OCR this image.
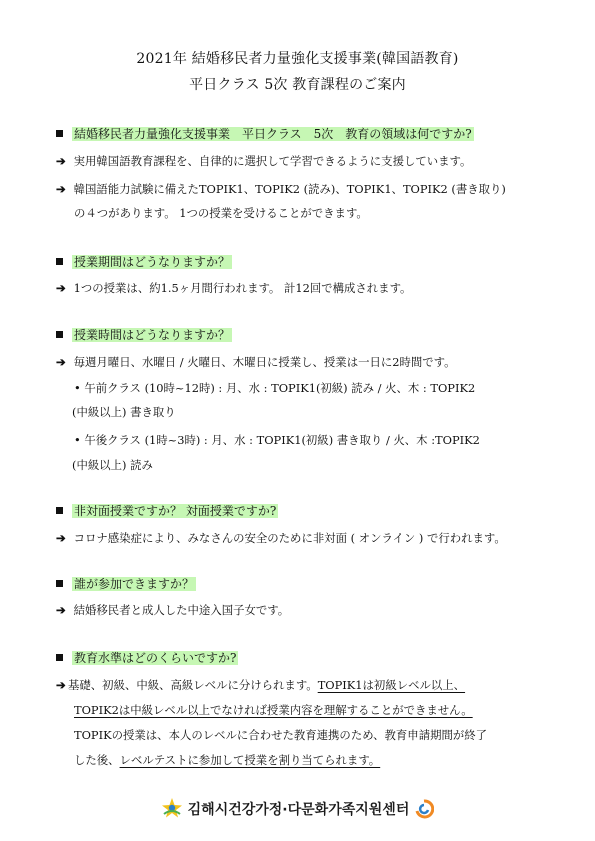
2021年 結婚移民者力量強化支援事業(韓国語教育)
平日クラス 5次 教育課程のご案内
結婚移民者力量強化支援事業　平日クラス　5次　教育の領域は何ですか?
➔ 実用韓国語教育課程を、自律的に選択して学習できるように支援しています。
➔ 韓国語能力試験に備えたTOPIK1、TOPIK2 (読み)、TOPIK1、TOPIK2 (書き取り)
の４つがあります。 1つの授業を受けることができます。
授業期間はどうなりますか？
➔ 1つの授業は、約1.5ヶ月間行われます。 計12回で構成されます。
授業時間はどうなりますか？
➔ 毎週月曜日、水曜日 / 火曜日、木曜日に授業し、授業は一日に2時間です。
• 午前クラス (10時~12時) : 月、水 : TOPIK1(初級) 読み / 火、木 : TOPIK2
(中級以上) 書き取り
• 午後クラス (1時~3時) : 月、水 : TOPIK1(初級) 書き取り / 火、木 :TOPIK2
(中級以上) 読み
非対面授業ですか？ 対面授業ですか?
➔ コロナ感染症により、みなさんの安全のために非対面 ( オンライン ) で行われます。
誰が参加できますか？
➔ 結婚移民者と成人した中途入国子女です。
教育水準はどのくらいですか?
➔ 基礎、初級、中級、高級レベルに分けられます。TOPIK1は初級レベル以上、
TOPIK2は中級レベル以上でなければ授業内容を理解することができません。
TOPIKの授業は、本人のレベルに合わせた教育連携のため、教育申請期間が終了
した後、レベルテストに参加して授業を割り当てられます。
김해시건강가정·다문화가족지원센터
